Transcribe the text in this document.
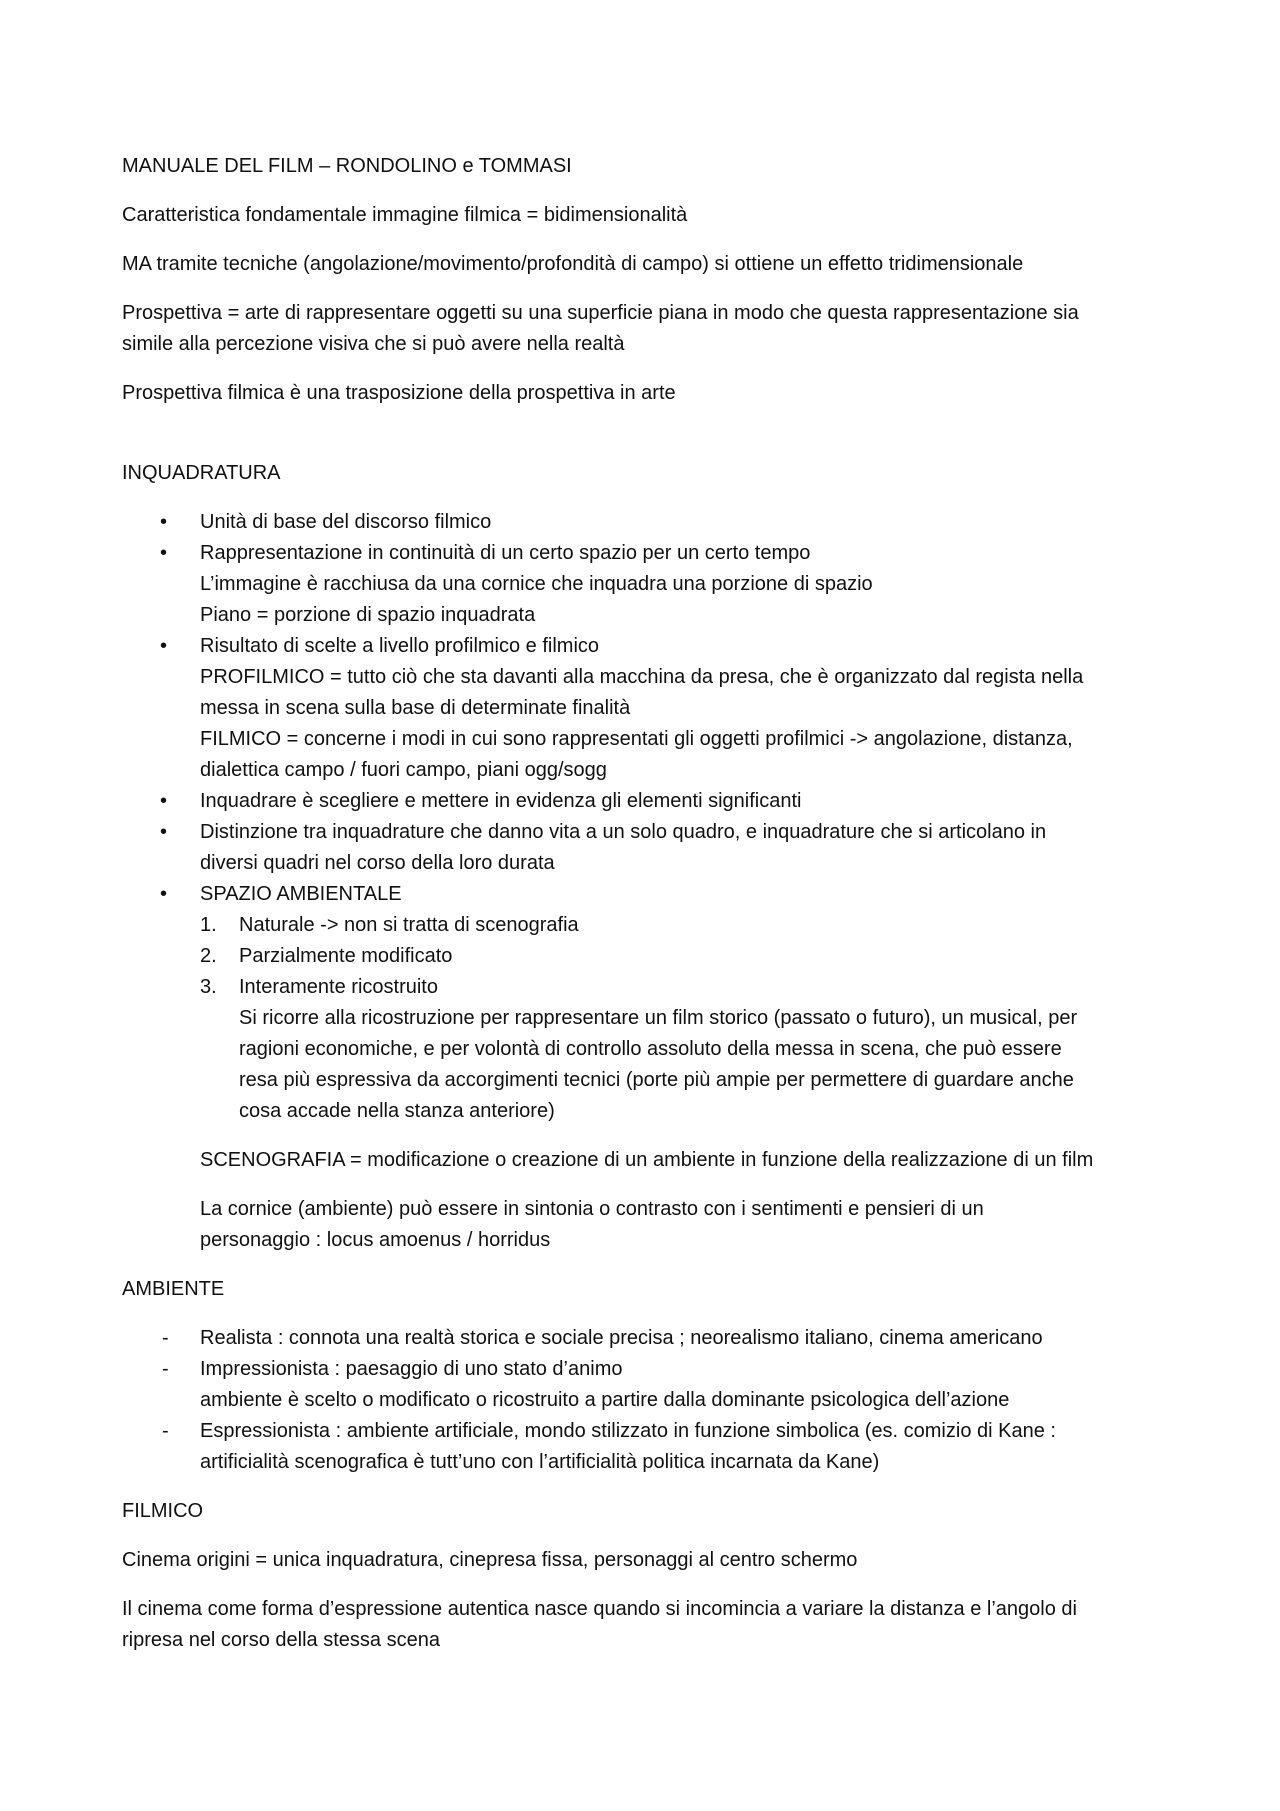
MANUALE DEL FILM – RONDOLINO e TOMMASI
Caratteristica fondamentale immagine filmica = bidimensionalità
MA tramite tecniche (angolazione/movimento/profondità di campo) si ottiene un effetto tridimensionale
Prospettiva = arte di rappresentare oggetti su una superficie piana in modo che questa rappresentazione sia
simile alla percezione visiva che si può avere nella realtà
Prospettiva filmica è una trasposizione della prospettiva in arte
INQUADRATURA
• Unità di base del discorso filmico
• Rappresentazione in continuità di un certo spazio per un certo tempo
L’immagine è racchiusa da una cornice che inquadra una porzione di spazio
Piano = porzione di spazio inquadrata
• Risultato di scelte a livello profilmico e filmico
PROFILMICO = tutto ciò che sta davanti alla macchina da presa, che è organizzato dal regista nella
messa in scena sulla base di determinate finalità
FILMICO = concerne i modi in cui sono rappresentati gli oggetti profilmici -> angolazione, distanza,
dialettica campo / fuori campo, piani ogg/sogg
• Inquadrare è scegliere e mettere in evidenza gli elementi significanti
• Distinzione tra inquadrature che danno vita a un solo quadro, e inquadrature che si articolano in
diversi quadri nel corso della loro durata
• SPAZIO AMBIENTALE
1. Naturale -> non si tratta di scenografia
2. Parzialmente modificato
3. Interamente ricostruito
Si ricorre alla ricostruzione per rappresentare un film storico (passato o futuro), un musical, per
ragioni economiche, e per volontà di controllo assoluto della messa in scena, che può essere
resa più espressiva da accorgimenti tecnici (porte più ampie per permettere di guardare anche
cosa accade nella stanza anteriore)
SCENOGRAFIA = modificazione o creazione di un ambiente in funzione della realizzazione di un film
La cornice (ambiente) può essere in sintonia o contrasto con i sentimenti e pensieri di un
personaggio : locus amoenus / horridus
AMBIENTE
- Realista : connota una realtà storica e sociale precisa ; neorealismo italiano, cinema americano
- Impressionista : paesaggio di uno stato d’animo
ambiente è scelto o modificato o ricostruito a partire dalla dominante psicologica dell’azione
- Espressionista : ambiente artificiale, mondo stilizzato in funzione simbolica (es. comizio di Kane :
artificialità scenografica è tutt’uno con l’artificialità politica incarnata da Kane)
FILMICO
Cinema origini = unica inquadratura, cinepresa fissa, personaggi al centro schermo
Il cinema come forma d’espressione autentica nasce quando si incomincia a variare la distanza e l’angolo di
ripresa nel corso della stessa scena
